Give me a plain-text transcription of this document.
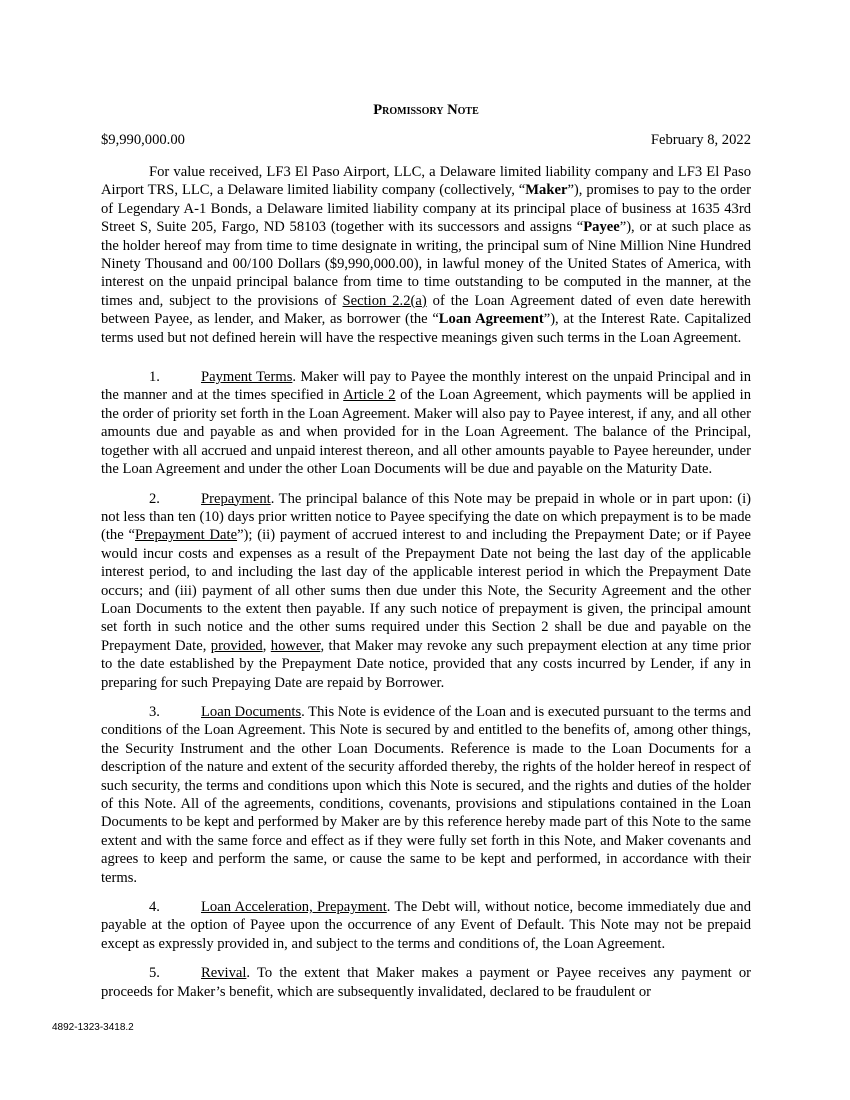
Promissory Note
$9,990,000.00	February 8, 2022

For value received, LF3 El Paso Airport, LLC, a Delaware limited liability company and LF3 El Paso Airport TRS, LLC, a Delaware limited liability company (collectively, “Maker”), promises to pay to the order of Legendary A-1 Bonds, a Delaware limited liability company at its principal place of business at 1635 43rd Street S, Suite 205, Fargo, ND 58103 (together with its successors and assigns “Payee”), or at such place as the holder hereof may from time to time designate in writing, the principal sum of Nine Million Nine Hundred Ninety Thousand and 00/100 Dollars ($9,990,000.00), in lawful money of the United States of America, with interest on the unpaid principal balance from time to time outstanding to be computed in the manner, at the times and, subject to the provisions of Section 2.2(a) of the Loan Agreement dated of even date herewith between Payee, as lender, and Maker, as borrower (the “Loan Agreement”), at the Interest Rate. Capitalized terms used but not defined herein will have the respective meanings given such terms in the Loan Agreement.

1.	Payment Terms. Maker will pay to Payee the monthly interest on the unpaid Principal and in the manner and at the times specified in Article 2 of the Loan Agreement, which payments will be applied in the order of priority set forth in the Loan Agreement. Maker will also pay to Payee interest, if any, and all other amounts due and payable as and when provided for in the Loan Agreement. The balance of the Principal, together with all accrued and unpaid interest thereon, and all other amounts payable to Payee hereunder, under the Loan Agreement and under the other Loan Documents will be due and payable on the Maturity Date.

2.	Prepayment. The principal balance of this Note may be prepaid in whole or in part upon: (i) not less than ten (10) days prior written notice to Payee specifying the date on which prepayment is to be made (the “Prepayment Date”); (ii) payment of accrued interest to and including the Prepayment Date; or if Payee would incur costs and expenses as a result of the Prepayment Date not being the last day of the applicable interest period, to and including the last day of the applicable interest period in which the Prepayment Date occurs; and (iii) payment of all other sums then due under this Note, the Security Agreement and the other Loan Documents to the extent then payable. If any such notice of prepayment is given, the principal amount set forth in such notice and the other sums required under this Section 2 shall be due and payable on the Prepayment Date, provided, however, that Maker may revoke any such prepayment election at any time prior to the date established by the Prepayment Date notice, provided that any costs incurred by Lender, if any in preparing for such Prepaying Date are repaid by Borrower.

3.	Loan Documents. This Note is evidence of the Loan and is executed pursuant to the terms and conditions of the Loan Agreement. This Note is secured by and entitled to the benefits of, among other things, the Security Instrument and the other Loan Documents. Reference is made to the Loan Documents for a description of the nature and extent of the security afforded thereby, the rights of the holder hereof in respect of such security, the terms and conditions upon which this Note is secured, and the rights and duties of the holder of this Note. All of the agreements, conditions, covenants, provisions and stipulations contained in the Loan Documents to be kept and performed by Maker are by this reference hereby made part of this Note to the same extent and with the same force and effect as if they were fully set forth in this Note, and Maker covenants and agrees to keep and perform the same, or cause the same to be kept and performed, in accordance with their terms.

4.	Loan Acceleration, Prepayment. The Debt will, without notice, become immediately due and payable at the option of Payee upon the occurrence of any Event of Default. This Note may not be prepaid except as expressly provided in, and subject to the terms and conditions of, the Loan Agreement.

5.	Revival. To the extent that Maker makes a payment or Payee receives any payment or proceeds for Maker’s benefit, which are subsequently invalidated, declared to be fraudulent or

4892-1323-3418.2
